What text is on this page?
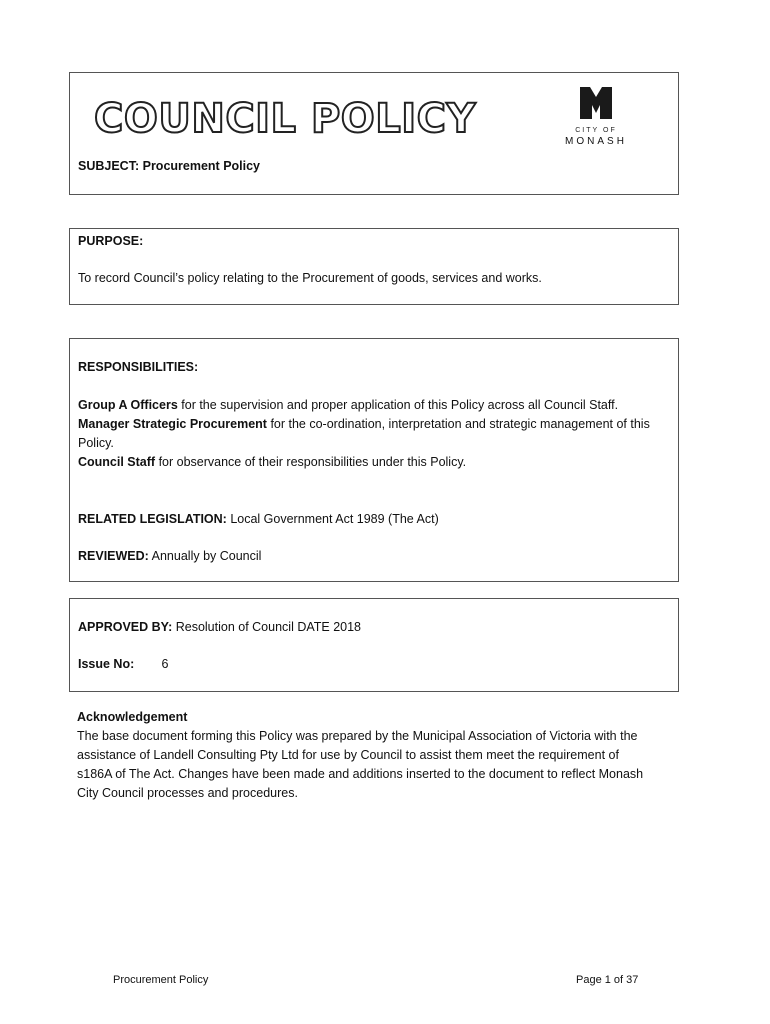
COUNCIL POLICY	CITY OF
MONASH

SUBJECT: Procurement Policy

PURPOSE:

To record Council’s policy relating to the Procurement of goods, services and works.

RESPONSIBILITIES:

Group A Officers for the supervision and proper application of this Policy across all Council Staff.

Manager Strategic Procurement for the co-ordination, interpretation and strategic management of this Policy.

Council Staff for observance of their responsibilities under this Policy.

RELATED LEGISLATION: Local Government Act 1989 (The Act)

REVIEWED: Annually by Council

APPROVED BY: Resolution of Council DATE 2018

Issue No: 6

Acknowledgement

The base document forming this Policy was prepared by the Municipal Association of Victoria with the assistance of Landell Consulting Pty Ltd for use by Council to assist them meet the requirement of s186A of The Act. Changes have been made and additions inserted to the document to reflect Monash City Council processes and procedures.

Procurement Policy	Page 1 of 37
